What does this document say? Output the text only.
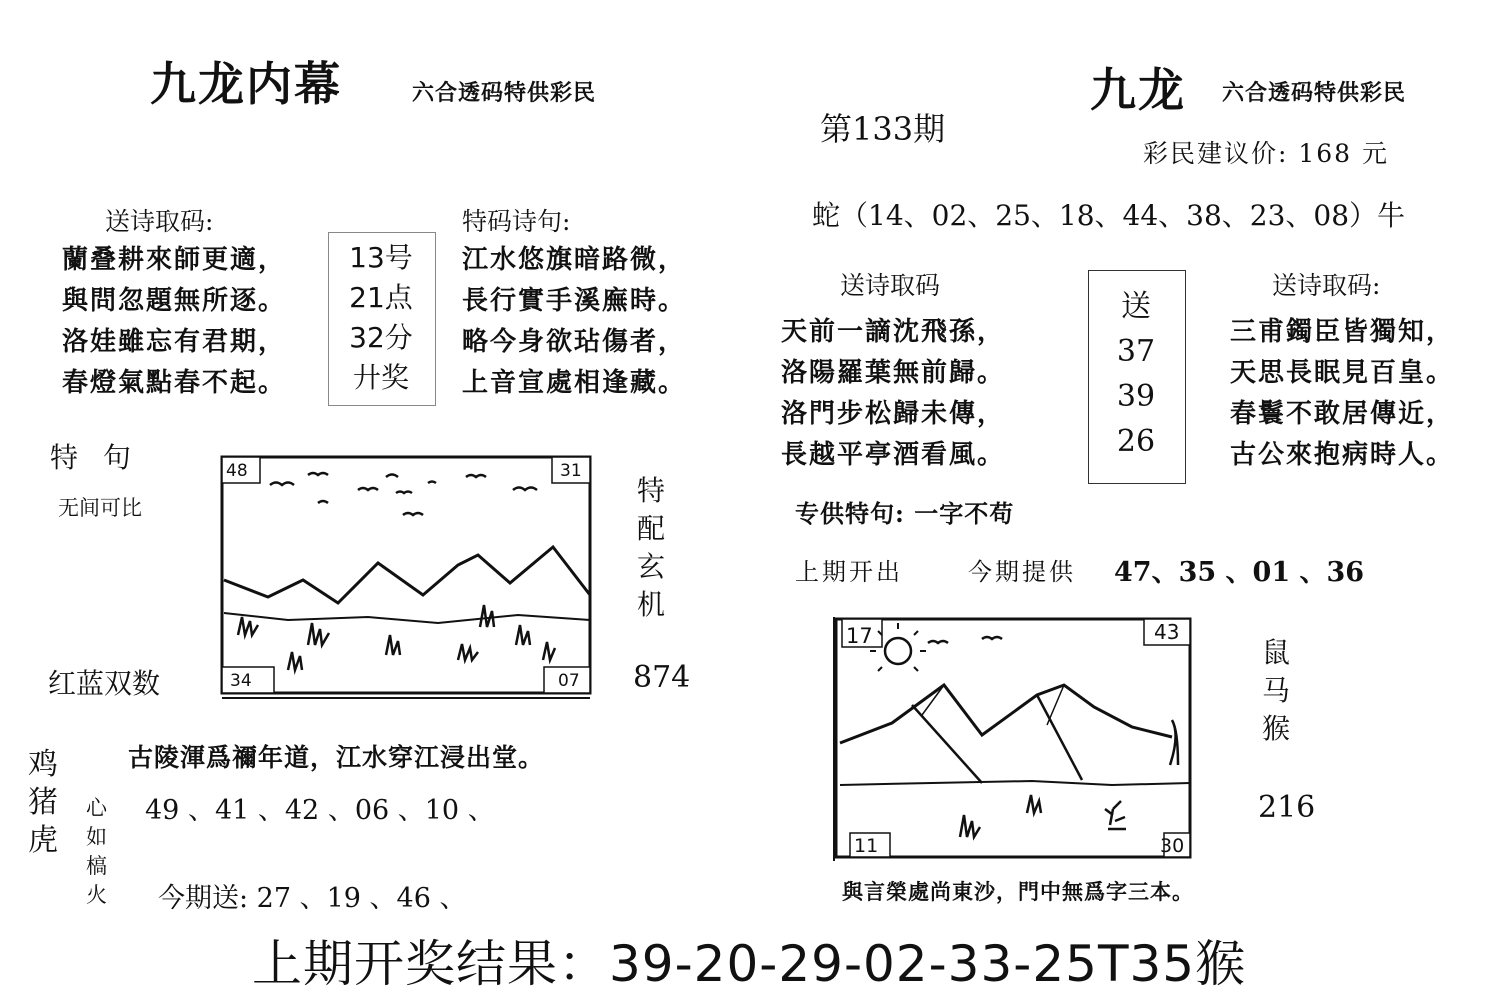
九龙内幕	六合透码特供彩民
送诗取码:
蘭叠耕來師更適，
與問忽題無所逐。
洛娃雖忘有君期，
春燈氣點春不起。
13号
21点
32分
廾奖
特码诗句:
江水悠旗暗路微，
長行實手溪廡時。
略今身欲玷傷者，
上音宣處相逢藏。
特 句
无间可比
48	31
34	07
特
配
玄
机
红蓝双数	874
古陵渾爲禰年道，江水穿江浸出堂。
鸡
猪
虎
心
如
槁
火
49 、41 、42 、06 、10 、
今期送: 27 、19 、46 、
九龙 六合透码特供彩民
第133期
彩民建议价: 168 元
蛇（14、02、25、18、44、38、23、08）牛
送诗取码
天前一謫沈飛孫，
洛陽羅葉無前歸。
洛門步松歸未傳，
長越平亭酒看風。
送
37
39
26
送诗取码:
三甫鐲臣皆獨知，
天思長眠見百皇。
春鬟不敢居傳近，
古公來抱病時人。
专供特句: 一字不苟
上期开出	今期提供 47、35 、01 、36
17	43
11	30
鼠
马
猴
216
與言榮處尚東沙，門中無爲字三本。
上期开奖结果：39-20-29-02-33-25T35猴
